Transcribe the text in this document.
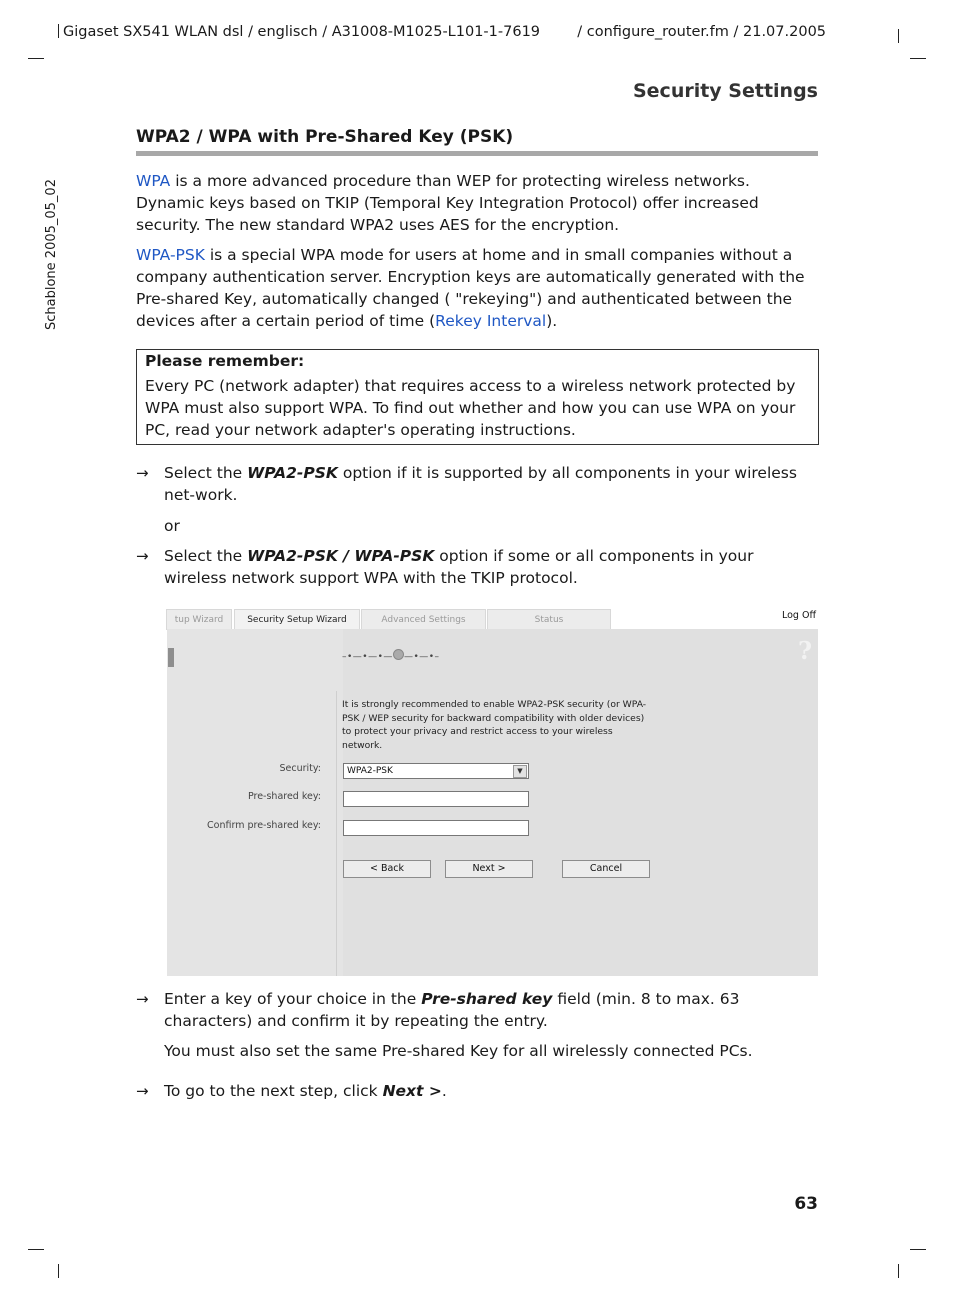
Gigaset SX541 WLAN dsl / englisch / A31008-M1025-L101-1-7619	/ configure_router.fm / 21.07.2005
Schablone 2005_05_02
Security Settings
WPA2 / WPA with Pre-Shared Key (PSK)
WPA is a more advanced procedure than WEP for protecting wireless networks. Dynamic keys based on TKIP (Temporal Key Integration Protocol) offer increased security. The new standard WPA2 uses AES for the encryption.
WPA-PSK is a special WPA mode for users at home and in small companies without a company authentication server. Encryption keys are automatically generated with the Pre-shared Key, automatically changed ( "rekeying") and authenticated between the devices after a certain period of time (Rekey Interval).
Please remember:
Every PC (network adapter) that requires access to a wireless network protected by WPA must also support WPA. To find out whether and how you can use WPA on your PC, read your network adapter's operating instructions.
→ Select the WPA2-PSK option if it is supported by all components in your wireless net-work.
or
→ Select the WPA2-PSK / WPA-PSK option if some or all components in your wireless network support WPA with the TKIP protocol.
tup Wizard	Security Setup Wizard	Advanced Settings	Status	Log Off
?
–•—•—•— —•—•–
It is strongly recommended to enable WPA2-PSK security (or WPA-PSK / WEP security for backward compatibility with older devices) to protect your privacy and restrict access to your wireless network.
Security:	WPA2-PSK	▼
Pre-shared key:
Confirm pre-shared key:
< Back	Next >	Cancel
→ Enter a key of your choice in the Pre-shared key field (min. 8 to max. 63 characters) and confirm it by repeating the entry.
You must also set the same Pre-shared Key for all wirelessly connected PCs.
→ To go to the next step, click Next >.
63
